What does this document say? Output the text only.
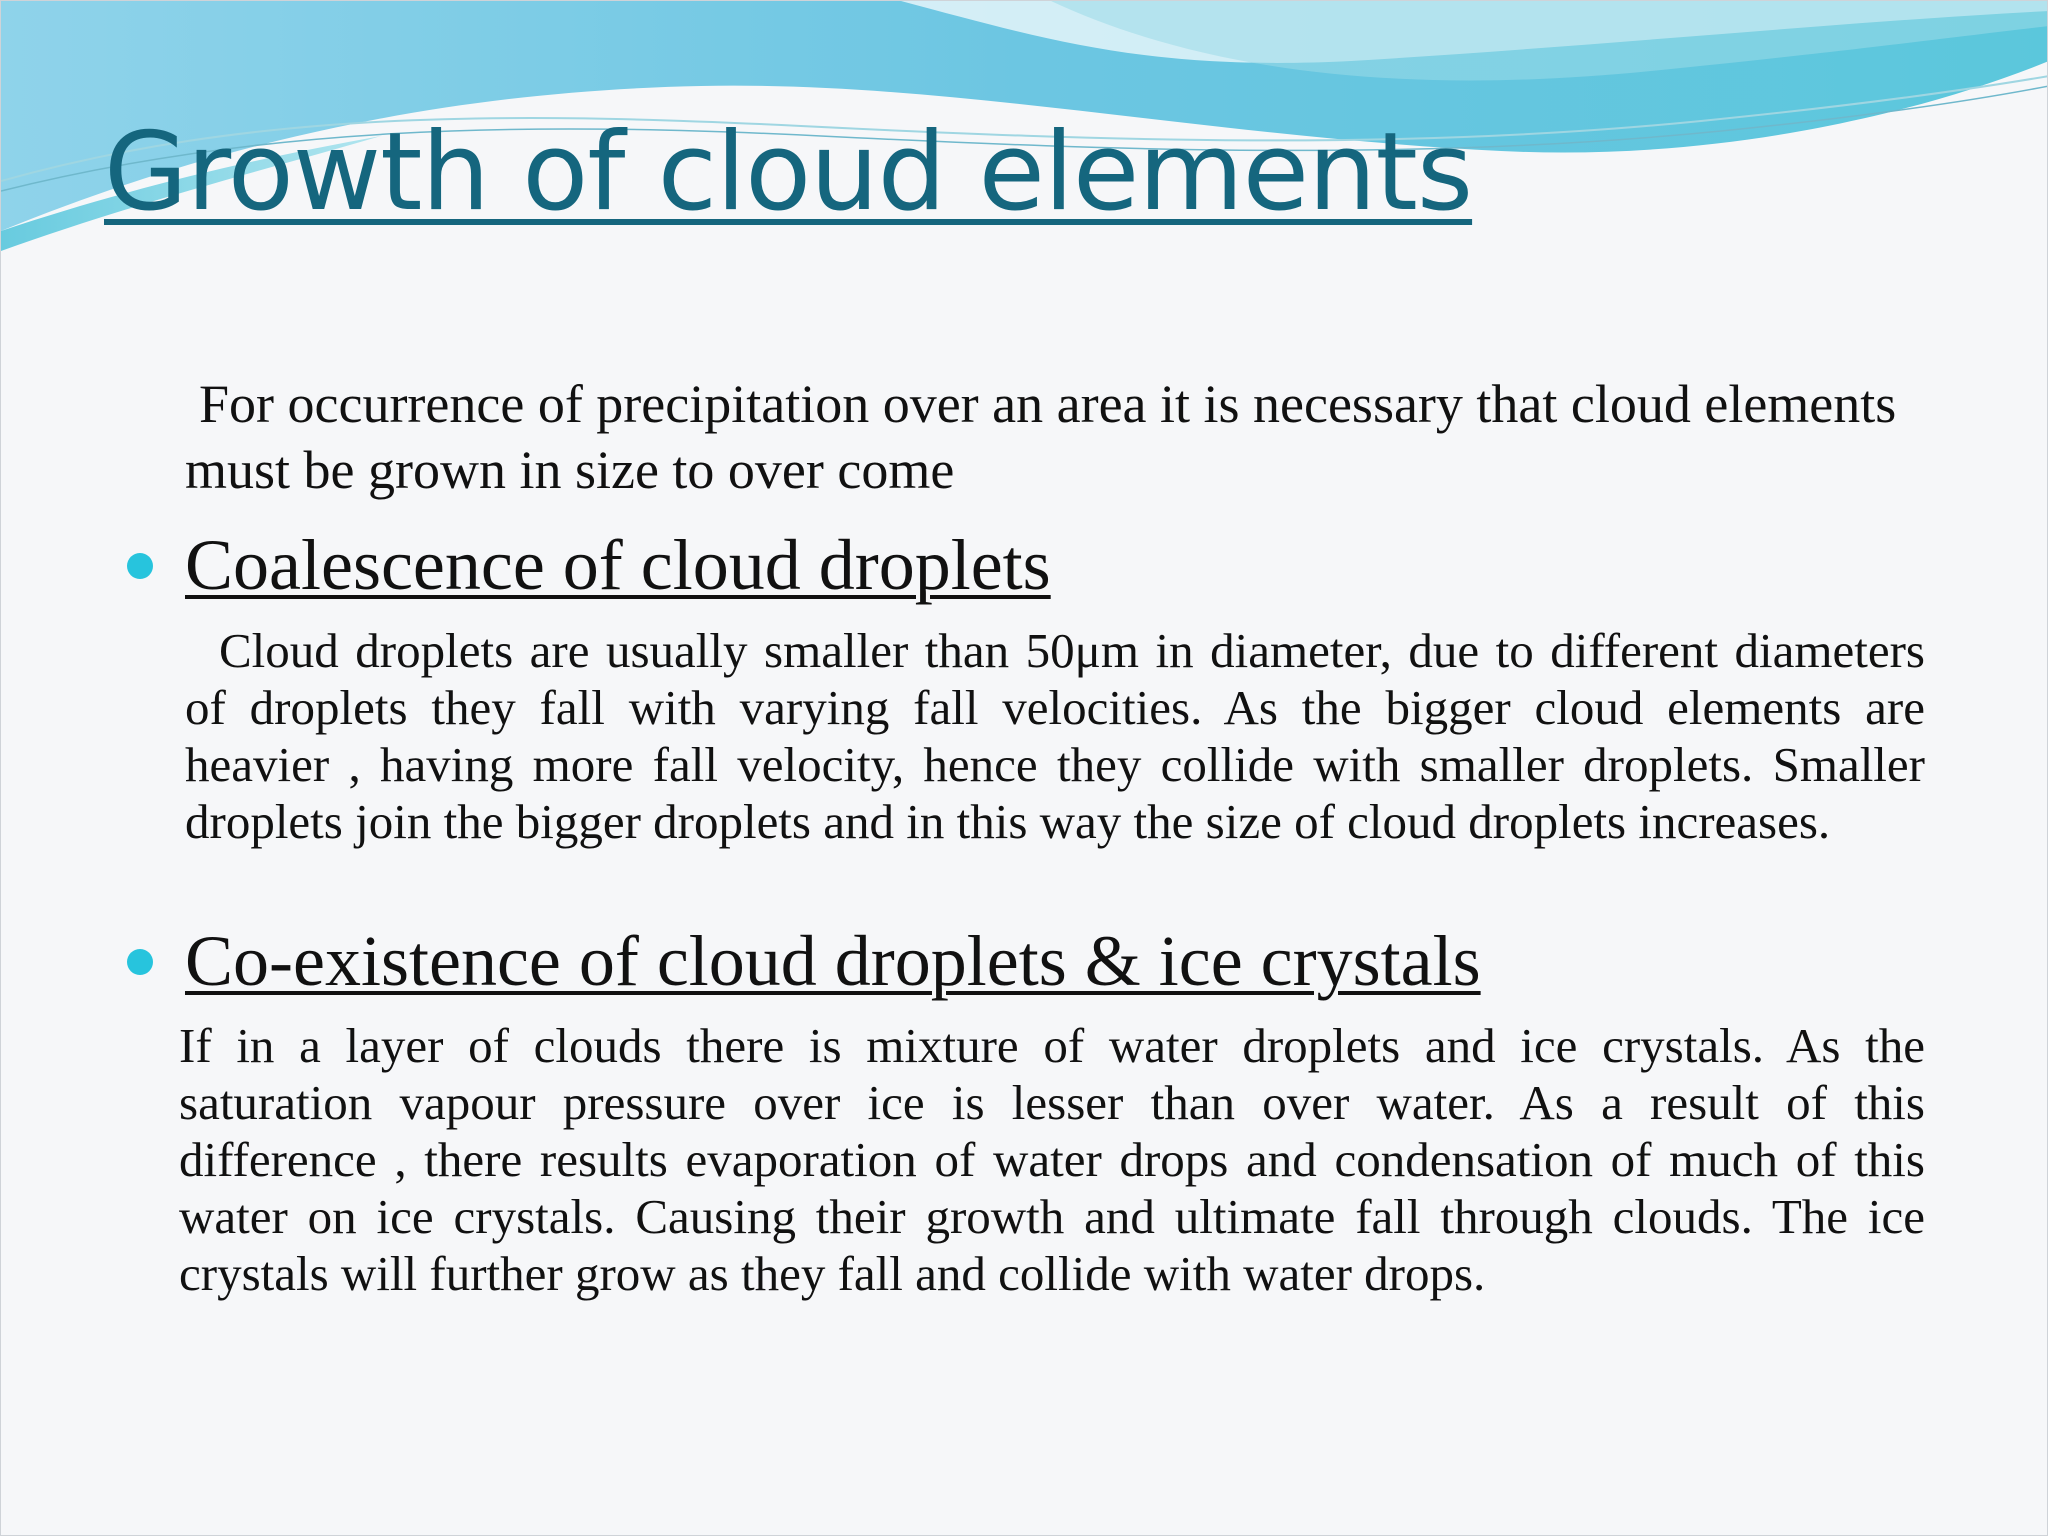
Growth of cloud elements

For occurrence of precipitation over an area it is necessary that cloud elements must be grown in size to over come

Coalescence of cloud droplets

Cloud droplets are usually smaller than 50μm in diameter, due to different diameters of droplets they fall with varying fall velocities. As the bigger cloud elements are heavier , having more fall velocity, hence they collide with smaller droplets. Smaller droplets join the bigger droplets and in this way the size of cloud droplets increases.

Co-existence of cloud droplets & ice crystals

If in a layer of clouds there is mixture of water droplets and ice crystals. As the saturation vapour pressure over ice is lesser than over water. As a result of this difference , there results evaporation of water drops and condensation of much of this water on ice crystals. Causing their growth and ultimate fall through clouds. The ice crystals will further grow as they fall and collide with water drops.
